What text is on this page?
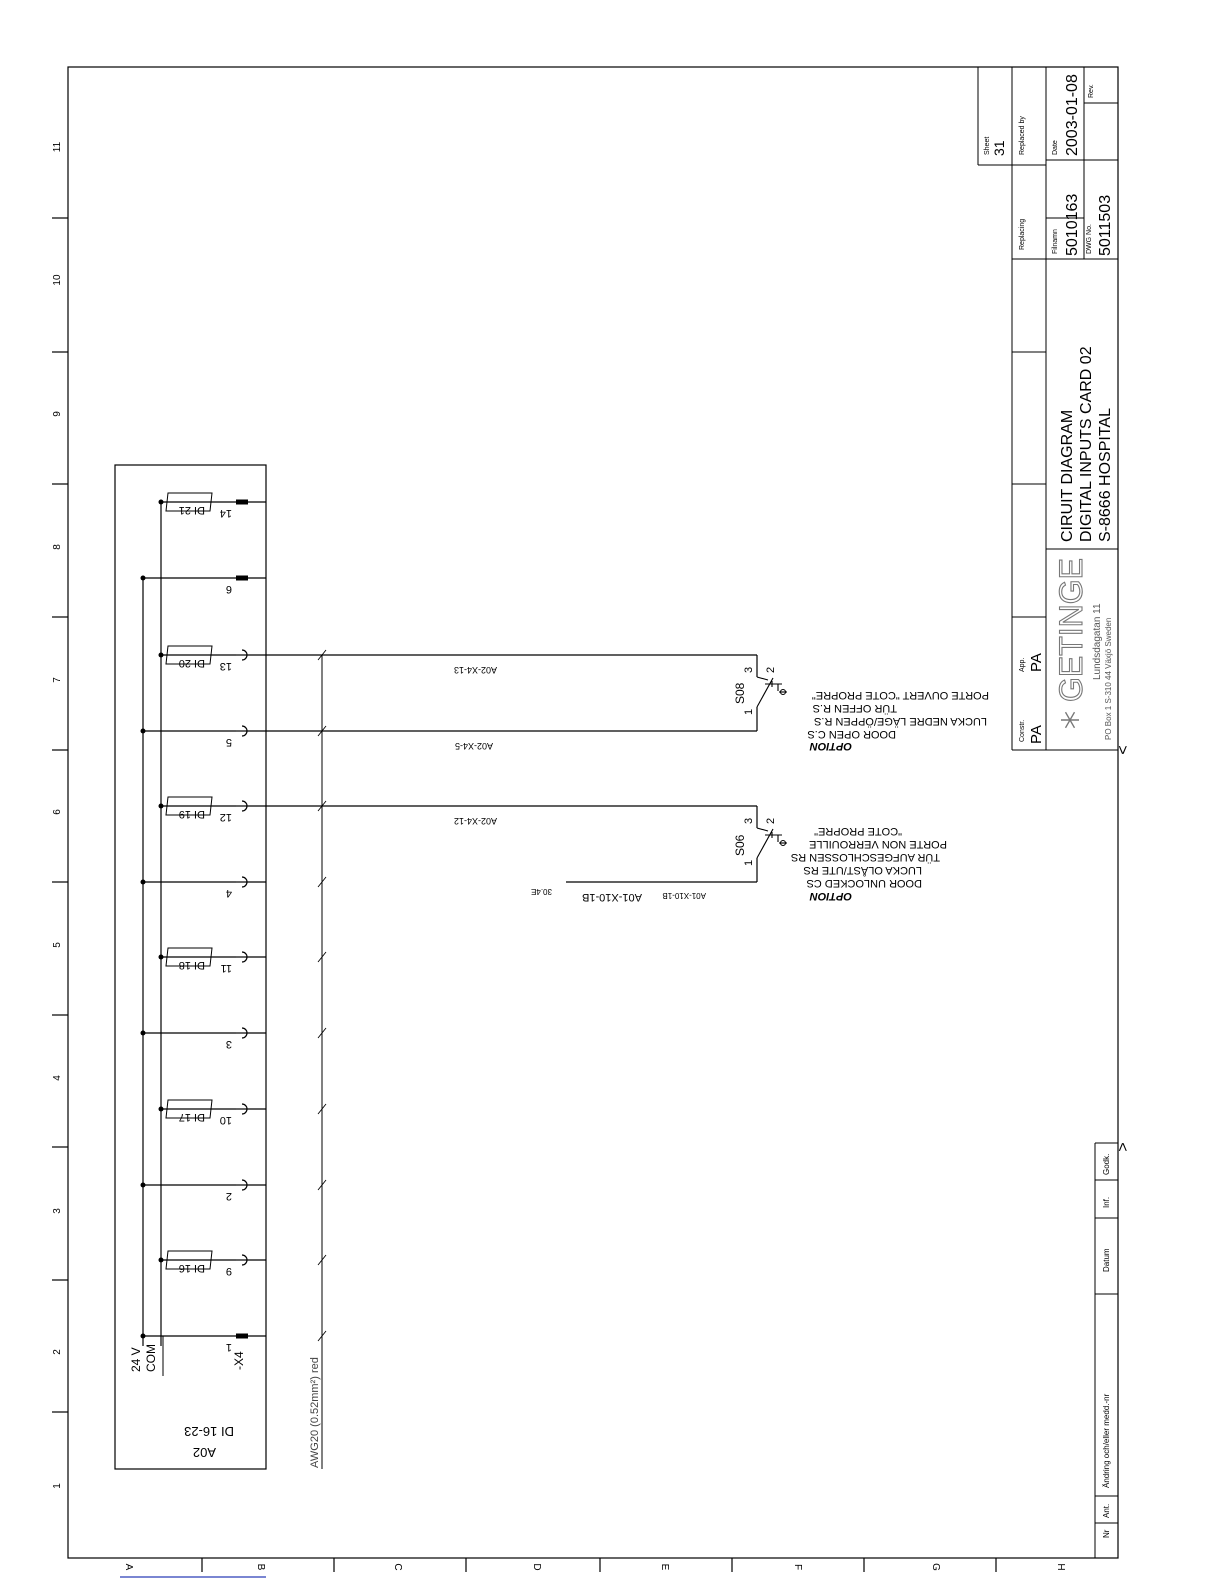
1
2
3
4
5
6
7
8
9
10
11
A	B	C	D	E	F	G	H
Sheet 31 Replaced by
Replacing
App. PA
Constr. PA
Date 2003-01-08 Rev.
Filnamn 5010163 DWG No. 5011503
CIRUIT DIAGRAM DIGITAL INPUTS CARD 02 S-8666 HOSPITAL
GETINGE Lundsdagatan 11 PO Box 1 S-310 44 Växjö Sweden
<
>
Godk.
Inf.
Datum
Ändring och/eller medd.-nr
Ant.
Nr
A02
DI 16-23
24 V COM	-X4
1
9
DI 16
2
10
DI 17
3
11
DI 18
4
12
DI 19
5
13
DI 20
6
14
DI 21
AWG20 (0.52mm²) red
A02-X4-13
A02-X4-5
A02-X4-12
A01-X10-1B
30.4E	A01-X10-1B
S08
3
1
2
OPTION
DOOR OPEN C.S
LUCKA NEDRE LÄGE/ÖPPEN R.S
TÜR OFFEN R.S
PORTE OUVERT "COTE PROPRE"
S06
3
1
2
OPTION
DOOR UNLOCKED CS
LUCKA OLÅST/UTE RS
TÜR AUFGESCHLOSSEN RS
PORTE NON VERROUILLE
"COTE PROPRE"
